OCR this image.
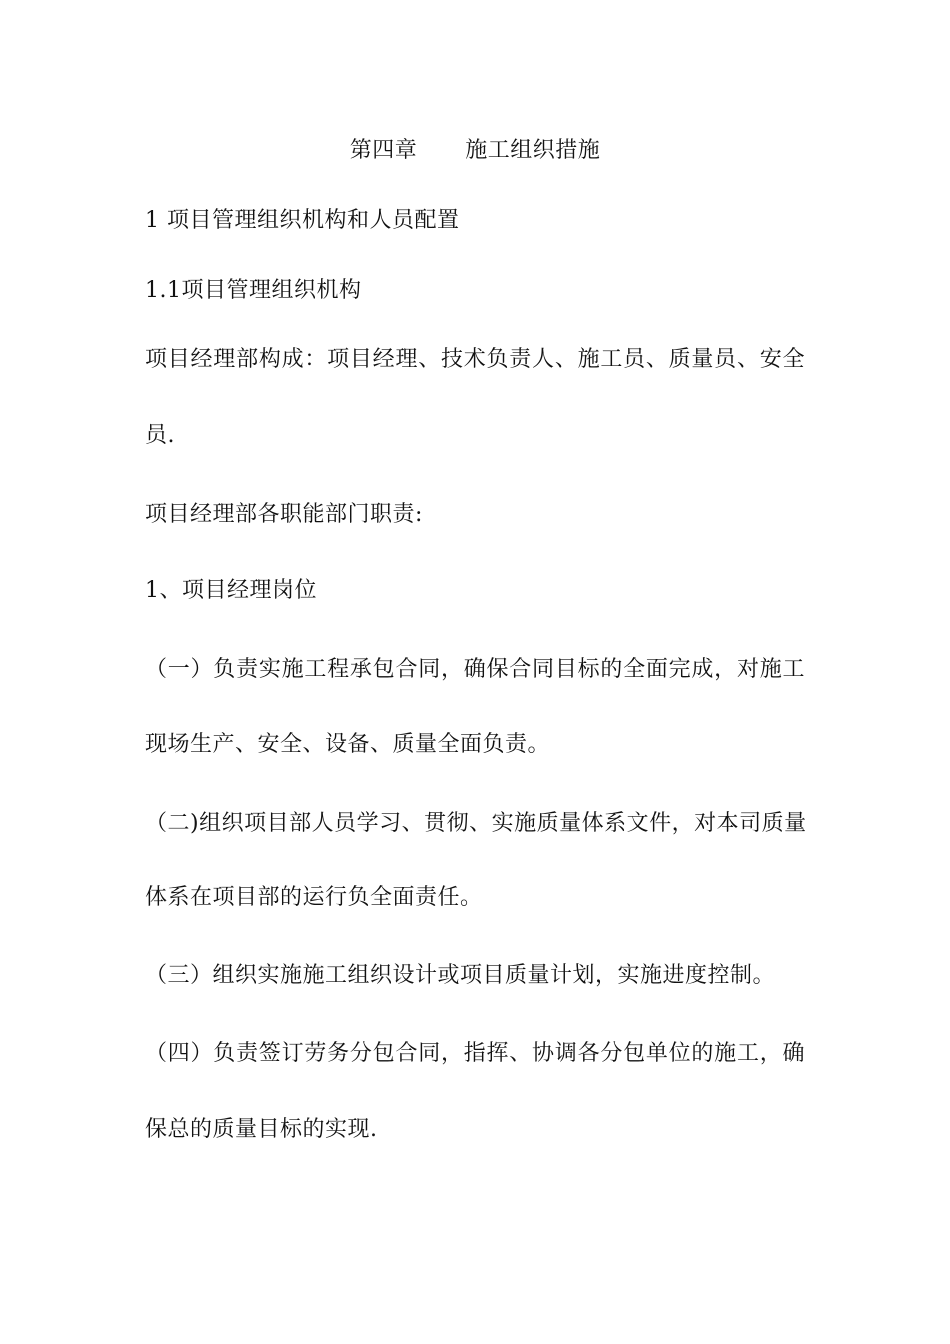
第四章 施工组织措施
1 项目管理组织机构和人员配置
1.1项目管理组织机构
项目经理部构成：项目经理、技术负责人、施工员、质量员、安全
员.
项目经理部各职能部门职责:
1、项目经理岗位
（一）负责实施工程承包合同，确保合同目标的全面完成，对施工
现场生产、安全、设备、质量全面负责。
（二)组织项目部人员学习、贯彻、实施质量体系文件，对本司质量
体系在项目部的运行负全面责任。
（三）组织实施施工组织设计或项目质量计划，实施进度控制。
（四）负责签订劳务分包合同，指挥、协调各分包单位的施工，确
保总的质量目标的实现.
